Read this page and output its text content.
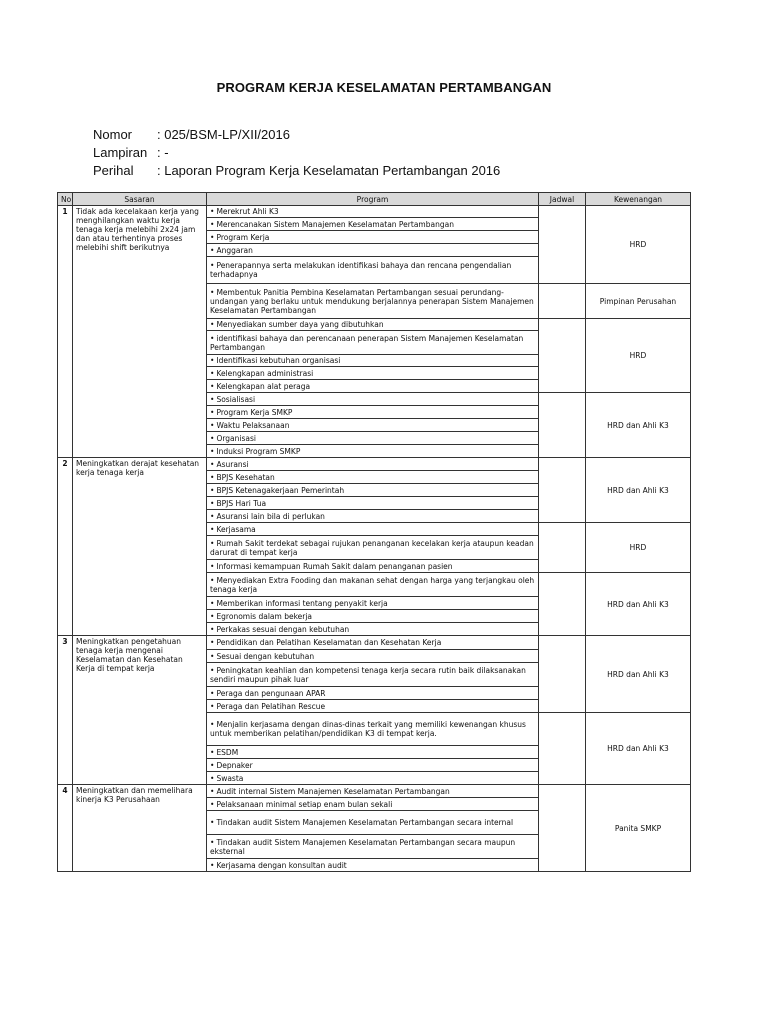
PROGRAM KERJA KESELAMATAN PERTAMBANGAN
Nomor	: 025/BSM-LP/XII/2016
Lampiran : -
Perihal	: Laporan Program Kerja Keselamatan Pertambangan 2016
No	Sasaran	Program	Jadwal	Kewenangan
1	Tidak ada kecelakaan kerja yang menghilangkan waktu kerja tenaga kerja melebihi 2x24 jam dan atau terhentinya proses melebihi shift berikutnya	• Merekrut Ahli K3		HRD
		• Merencanakan Sistem Manajemen Keselamatan Pertambangan		
		• Program Kerja		
		• Anggaran		
		• Penerapannya serta melakukan identifikasi bahaya dan rencana pengendalian terhadapnya		
		• Membentuk Panitia Pembina Keselamatan Pertambangan sesuai perundang-undangan yang berlaku untuk mendukung berjalannya penerapan Sistem Manajemen Keselamatan Pertambangan		Pimpinan Perusahan
		• Menyediakan sumber daya yang dibutuhkan		HRD
		• identifikasi bahaya dan perencanaan penerapan Sistem Manajemen Keselamatan Pertambangan		
		• Identifikasi kebutuhan organisasi		
		• Kelengkapan administrasi		
		• Kelengkapan alat peraga		
		• Sosialisasi		HRD dan Ahli K3
		• Program Kerja SMKP		
		• Waktu Pelaksanaan		
		• Organisasi		
		• Induksi Program SMKP		
2	Meningkatkan derajat kesehatan kerja tenaga kerja	• Asuransi		HRD dan Ahli K3
		• BPJS Kesehatan		
		• BPJS Ketenagakerjaan Pemerintah		
		• BPJS Hari Tua		
		• Asuransi lain bila di perlukan		
		• Kerjasama		HRD
		• Rumah Sakit terdekat sebagai rujukan penanganan kecelakan kerja ataupun keadan darurat di tempat kerja		
		• Informasi kemampuan Rumah Sakit dalam penanganan pasien		
		• Menyediakan Extra Fooding dan makanan sehat dengan harga yang terjangkau oleh tenaga kerja		HRD dan Ahli K3
		• Memberikan informasi tentang penyakit kerja		
		• Egronomis dalam bekerja		
		• Perkakas sesuai dengan kebutuhan		
3	Meningkatkan pengetahuan tenaga kerja mengenai Keselamatan dan Kesehatan Kerja di tempat kerja	• Pendidikan dan Pelatihan Keselamatan dan Kesehatan Kerja		HRD dan Ahli K3
		• Sesuai dengan kebutuhan		
		• Peningkatan keahlian dan kompetensi tenaga kerja secara rutin baik dilaksanakan sendiri maupun pihak luar		
		• Peraga dan pengunaan APAR		
		• Peraga dan Pelatihan Rescue		
		• Menjalin kerjasama dengan dinas-dinas terkait yang memiliki kewenangan khusus untuk memberikan pelatihan/pendidikan K3 di tempat kerja.		HRD dan Ahli K3
		• ESDM		
		• Depnaker		
		• Swasta		
4	Meningkatkan dan memelihara kinerja K3 Perusahaan	• Audit internal Sistem Manajemen Keselamatan Pertambangan		Panita SMKP
		• Pelaksanaan minimal setiap enam bulan sekali		
		• Tindakan audit Sistem Manajemen Keselamatan Pertambangan secara internal		
		• Tindakan audit Sistem Manajemen Keselamatan Pertambangan secara maupun eksternal		
		• Kerjasama dengan konsultan audit		
